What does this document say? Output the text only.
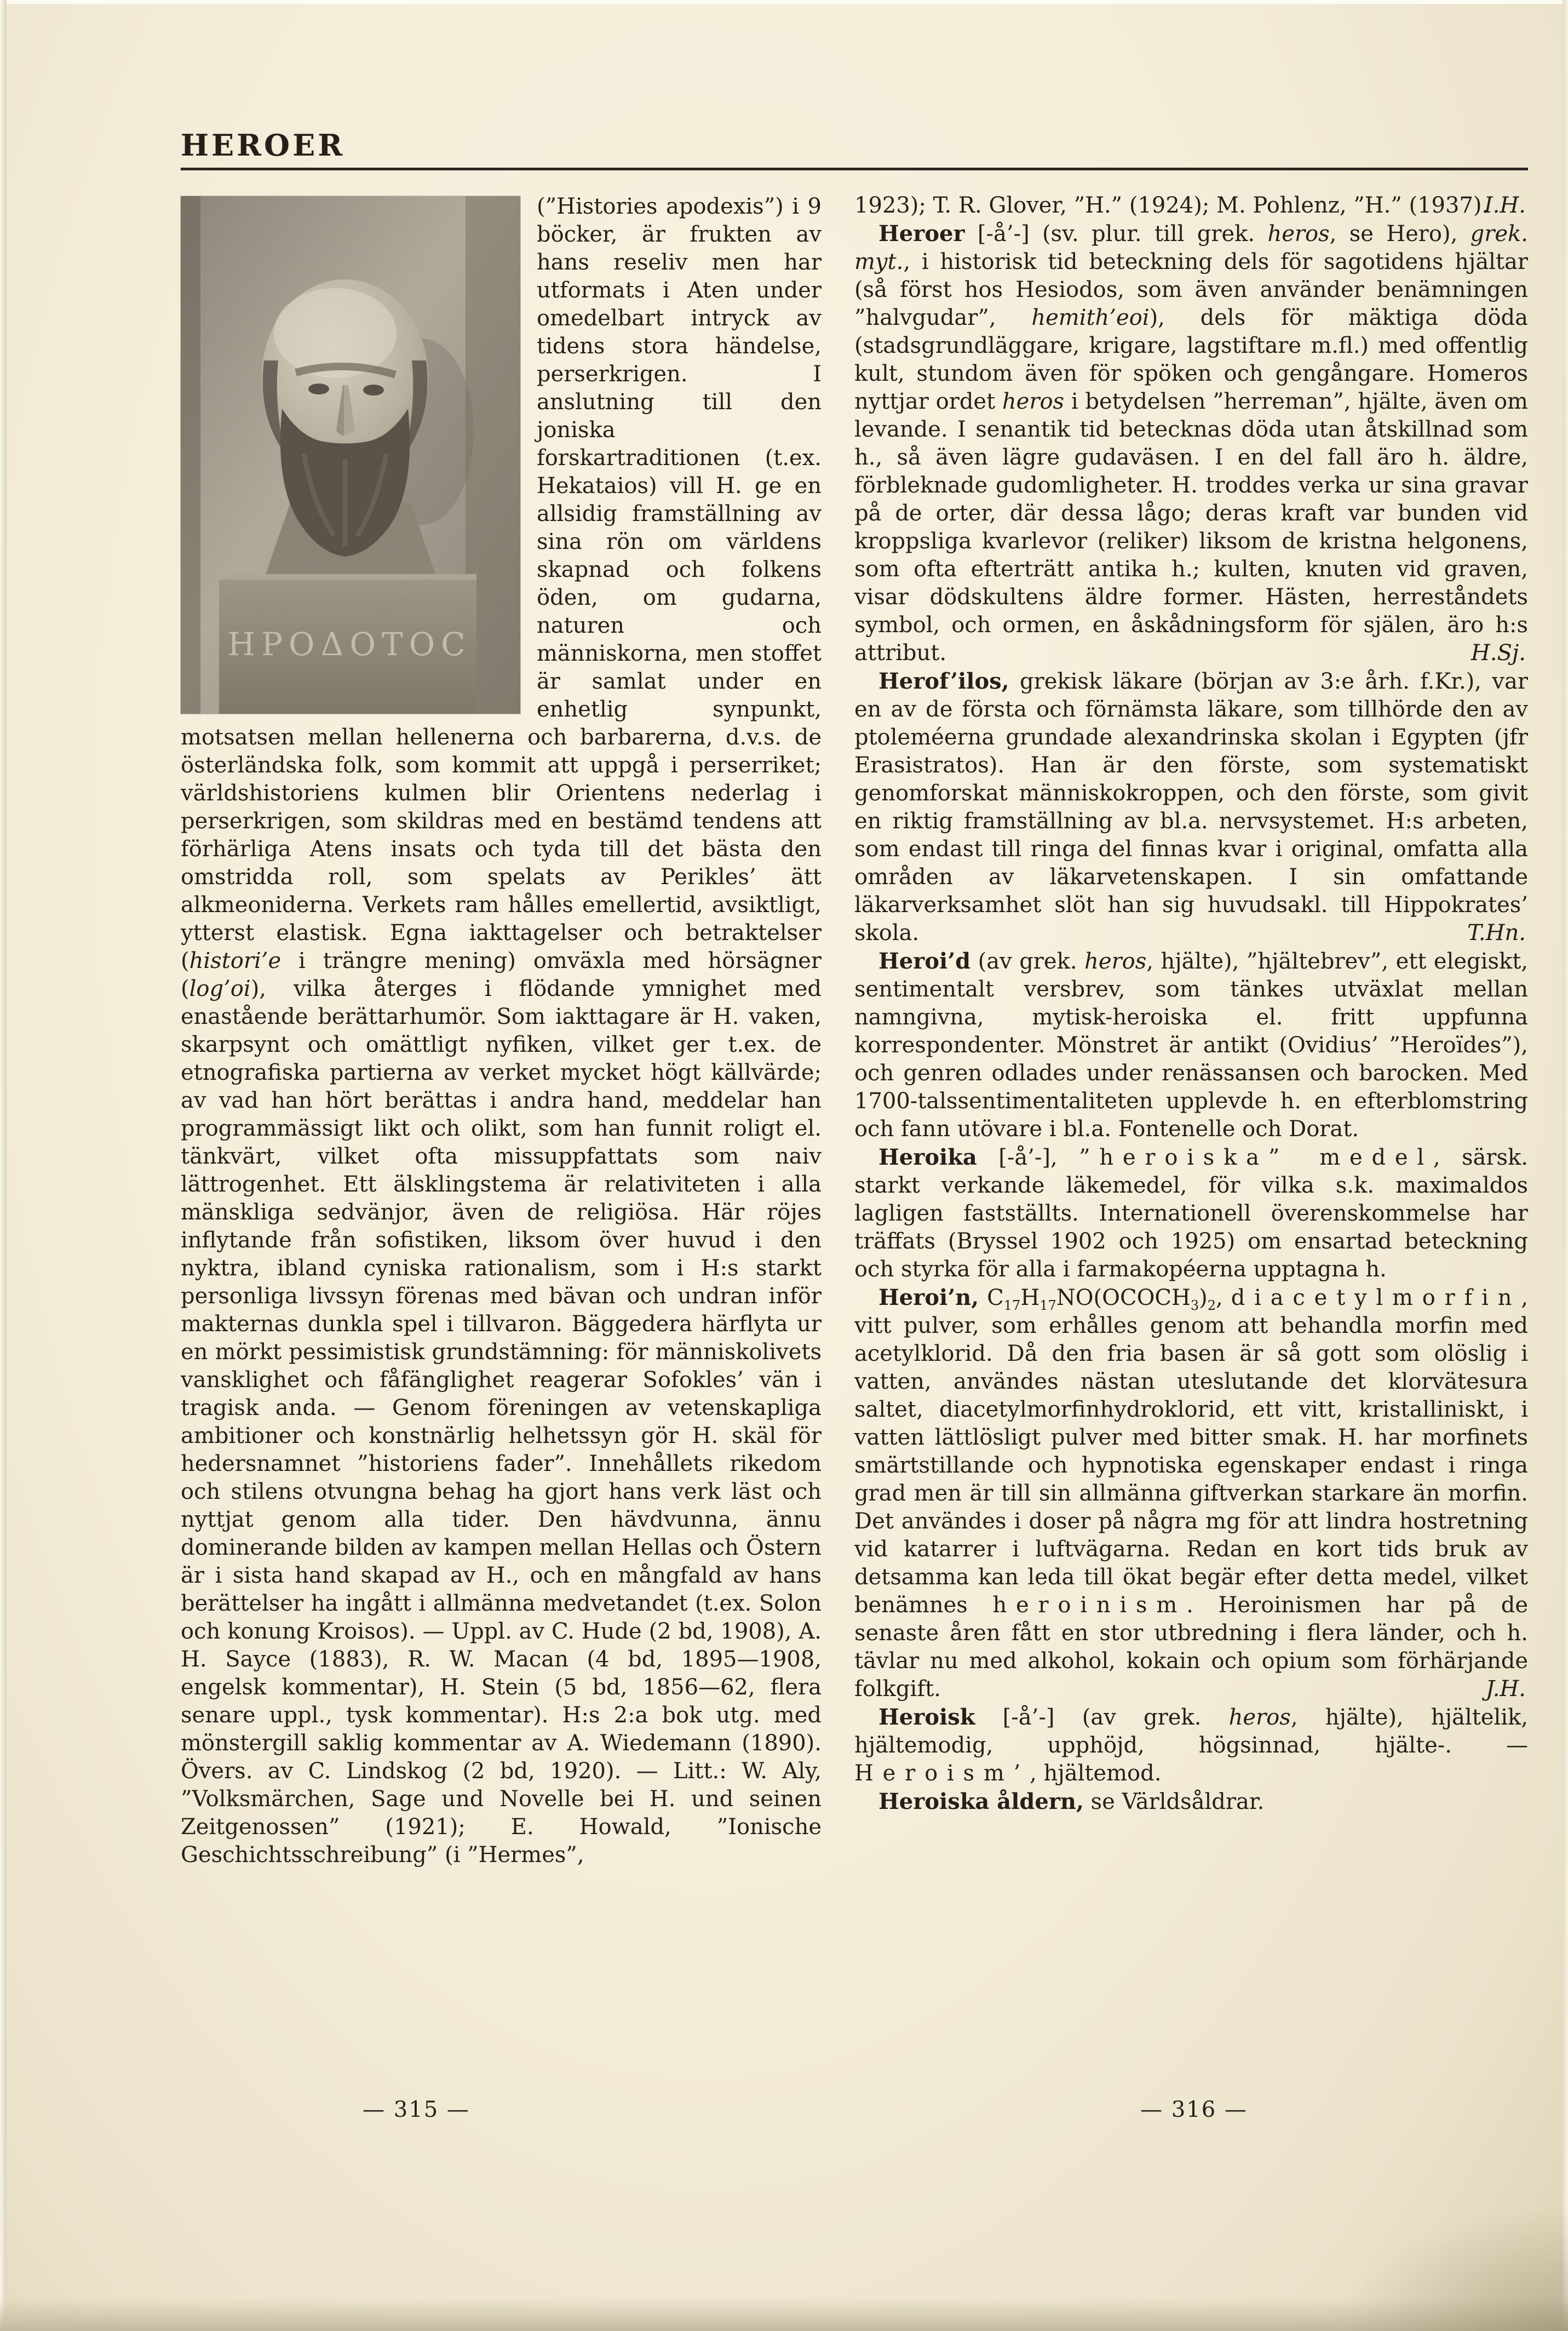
HEROER

(”Histories apodexis”) i 9 böcker, är frukten av hans reseliv men har utformats i Aten under omedelbart intryck av tidens stora händelse, perserkrigen. I anslutning till den joniska forskartraditionen (t.ex. Hekataios) vill H. ge en allsidig framställning av sina rön om världens skapnad och folkens öden, om gudarna, naturen och människorna, men stoffet är samlat under en enhetlig synpunkt, motsatsen mellan hellenerna och barbarerna, d.v.s. de österländska folk, som kommit att uppgå i perserriket; världshistoriens kulmen blir Orientens nederlag i perserkrigen, som skildras med en bestämd tendens att förhärliga Atens insats och tyda till det bästa den omstridda roll, som spelats av Perikles’ ätt alkmeoniderna. Verkets ram hålles emellertid, avsiktligt, ytterst elastisk. Egna iakttagelser och betraktelser (histori’e i trängre mening) omväxla med hörsägner (log’oi), vilka återges i flödande ymnighet med enastående berättarhumör. Som iakttagare är H. vaken, skarpsynt och omättligt nyfiken, vilket ger t.ex. de etnografiska partierna av verket mycket högt källvärde; av vad han hört berättas i andra hand, meddelar han programmässigt likt och olikt, som han funnit roligt el. tänkvärt, vilket ofta missuppfattats som naiv lättrogenhet. Ett älsklingstema är relativiteten i alla mänskliga sedvänjor, även de religiösa. Här röjes inflytande från sofistiken, liksom över huvud i den nyktra, ibland cyniska rationalism, som i H:s starkt personliga livssyn förenas med bävan och undran inför makternas dunkla spel i tillvaron. Bäggedera härflyta ur en mörkt pessimistisk grundstämning: för människolivets vansklighet och fåfänglighet reagerar Sofokles’ vän i tragisk anda. — Genom föreningen av vetenskapliga ambitioner och konstnärlig helhetssyn gör H. skäl för hedersnamnet ”historiens fader”. Innehållets rikedom och stilens otvungna behag ha gjort hans verk läst och nyttjat genom alla tider. Den hävdvunna, ännu dominerande bilden av kampen mellan Hellas och Östern är i sista hand skapad av H., och en mångfald av hans berättelser ha ingått i allmänna medvetandet (t.ex. Solon och konung Kroisos). — Uppl. av C. Hude (2 bd, 1908), A. H. Sayce (1883), R. W. Macan (4 bd, 1895—1908, engelsk kommentar), H. Stein (5 bd, 1856—62, flera senare uppl., tysk kommentar). H:s 2:a bok utg. med mönstergill saklig kommentar av A. Wiedemann (1890). Övers. av C. Lindskog (2 bd, 1920). — Litt.: W. Aly, ”Volksmärchen, Sage und Novelle bei H. und seinen Zeitgenossen” (1921); E. Howald, ”Ionische Geschichtsschreibung” (i ”Hermes”,

1923); T. R. Glover, ”H.” (1924); M. Pohlenz, ”H.” (1937).
I.H.

Heroer [-å’-] (sv. plur. till grek. heros, se Hero), grek. myt., i historisk tid beteckning dels för sagotidens hjältar (så först hos Hesiodos, som även använder benämningen ”halvgudar”, hemith’eoi), dels för mäktiga döda (stadsgrundläggare, krigare, lagstiftare m.fl.) med offentlig kult, stundom även för spöken och gengångare. Homeros nyttjar ordet heros i betydelsen ”herreman”, hjälte, även om levande. I senantik tid betecknas döda utan åtskillnad som h., så även lägre gudaväsen. I en del fall äro h. äldre, förbleknade gudomligheter. H. troddes verka ur sina gravar på de orter, där dessa lågo; deras kraft var bunden vid kroppsliga kvarlevor (reliker) liksom de kristna helgonens, som ofta efterträtt antika h.; kulten, knuten vid graven, visar dödskultens äldre former. Hästen, herreståndets symbol, och ormen, en åskådningsform för själen, äro h:s attribut.	H.Sj.

Herof’ilos, grekisk läkare (början av 3:e årh. f.Kr.), var en av de första och förnämsta läkare, som tillhörde den av ptoleméerna grundade alexandrinska skolan i Egypten (jfr Erasistratos). Han är den förste, som systematiskt genomforskat människokroppen, och den förste, som givit en riktig framställning av bl.a. nervsystemet. H:s arbeten, som endast till ringa del finnas kvar i original, omfatta alla områden av läkarvetenskapen. I sin omfattande läkarverksamhet slöt han sig huvudsakl. till Hippokrates’ skola.	T.Hn.

Heroi’d (av grek. heros, hjälte), ”hjältebrev”, ett elegiskt, sentimentalt versbrev, som tänkes utväxlat mellan namngivna, mytisk-heroiska el. fritt uppfunna korrespondenter. Mönstret är antikt (Ovidius’ ”Heroïdes”), och genren odlades under renässansen och barocken. Med 1700-talssentimentaliteten upplevde h. en efterblomstring och fann utövare i bl.a. Fontenelle och Dorat.

Heroika [-å’-], ”heroiska” medel, särsk. starkt verkande läkemedel, för vilka s.k. maximaldos lagligen fastställts. Internationell överenskommelse har träffats (Bryssel 1902 och 1925) om ensartad beteckning och styrka för alla i farmakopéerna upptagna h.

Heroi’n, $C_{17}H_{17}NO(OCOCH_3)_2$, diacetylmorfin, vitt pulver, som erhålles genom att behandla morfin med acetylklorid. Då den fria basen är så gott som olöslig i vatten, användes nästan uteslutande det klorvätesura saltet, diacetylmorfinhydroklorid, ett vitt, kristalliniskt, i vatten lättlösligt pulver med bitter smak. H. har morfinets smärtstillande och hypnotiska egenskaper endast i ringa grad men är till sin allmänna giftverkan starkare än morfin. Det användes i doser på några mg för att lindra hostretning vid katarrer i luftvägarna. Redan en kort tids bruk av detsamma kan leda till ökat begär efter detta medel, vilket benämnes heroinism. Heroinismen har på de senaste åren fått en stor utbredning i flera länder, och h. tävlar nu med alkohol, kokain och opium som förhärjande folkgift.	J.H.

Heroisk [-å’-] (av grek. heros, hjälte), hjältelik, hjältemodig, upphöjd, högsinnad, hjälte-. — Heroism’, hjältemod.

Heroiska åldern, se Världsåldrar.

— 315 —	— 316 —
